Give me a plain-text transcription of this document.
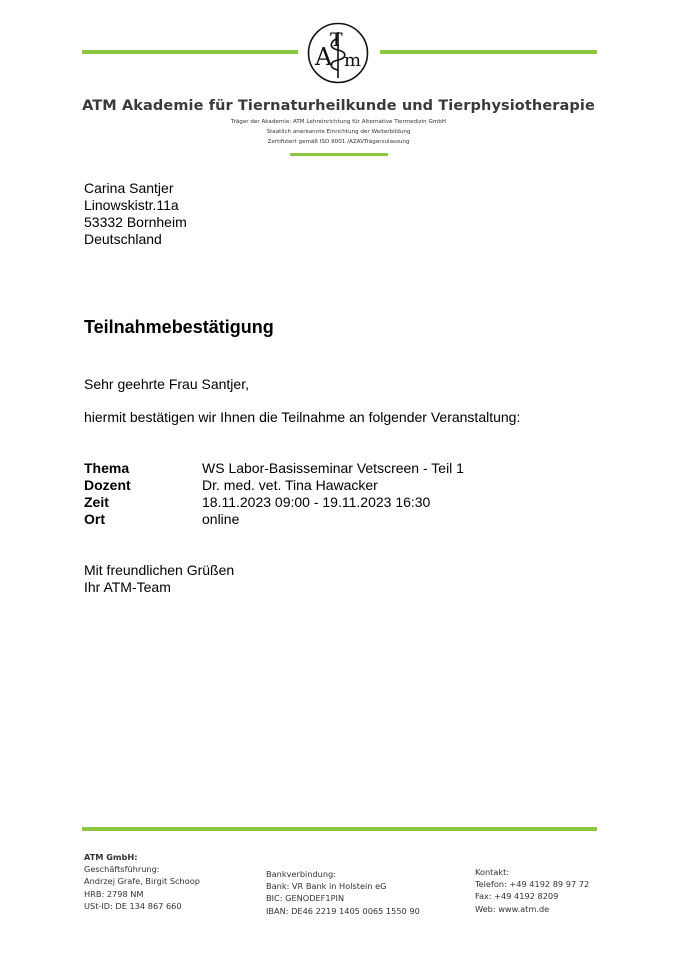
A
T
m
ATM Akademie für Tiernaturheilkunde und Tierphysiotherapie
Träger der Akademie: ATM Lehreinrichtung für Alternative Tiermedizin GmbH
Staatlich anerkannte Einrichtung der Weiterbildung
Zertifiziert gemäß ISO 9001 /AZAVTrägerzulassung
Carina Santjer
Linowskistr.11a
53332 Bornheim
Deutschland
Teilnahmebestätigung
Sehr geehrte Frau Santjer,
hiermit bestätigen wir Ihnen die Teilnahme an folgender Veranstaltung:
Thema	WS Labor-Basisseminar Vetscreen - Teil 1
Dozent	Dr. med. vet. Tina Hawacker
Zeit	18.11.2023 09:00 - 19.11.2023 16:30
Ort	online
Mit freundlichen Grüßen
Ihr ATM-Team
ATM GmbH:
Geschäftsführung:
Andrzej Grafe, Birgit Schoop
HRB: 2798 NM
USt-ID: DE 134 867 660
Bankverbindung:
Bank: VR Bank in Holstein eG
BIC: GENODEF1PIN
IBAN: DE46 2219 1405 0065 1550 90
Kontakt:
Telefon: +49 4192 89 97 72
Fax: +49 4192 8209
Web: www.atm.de
